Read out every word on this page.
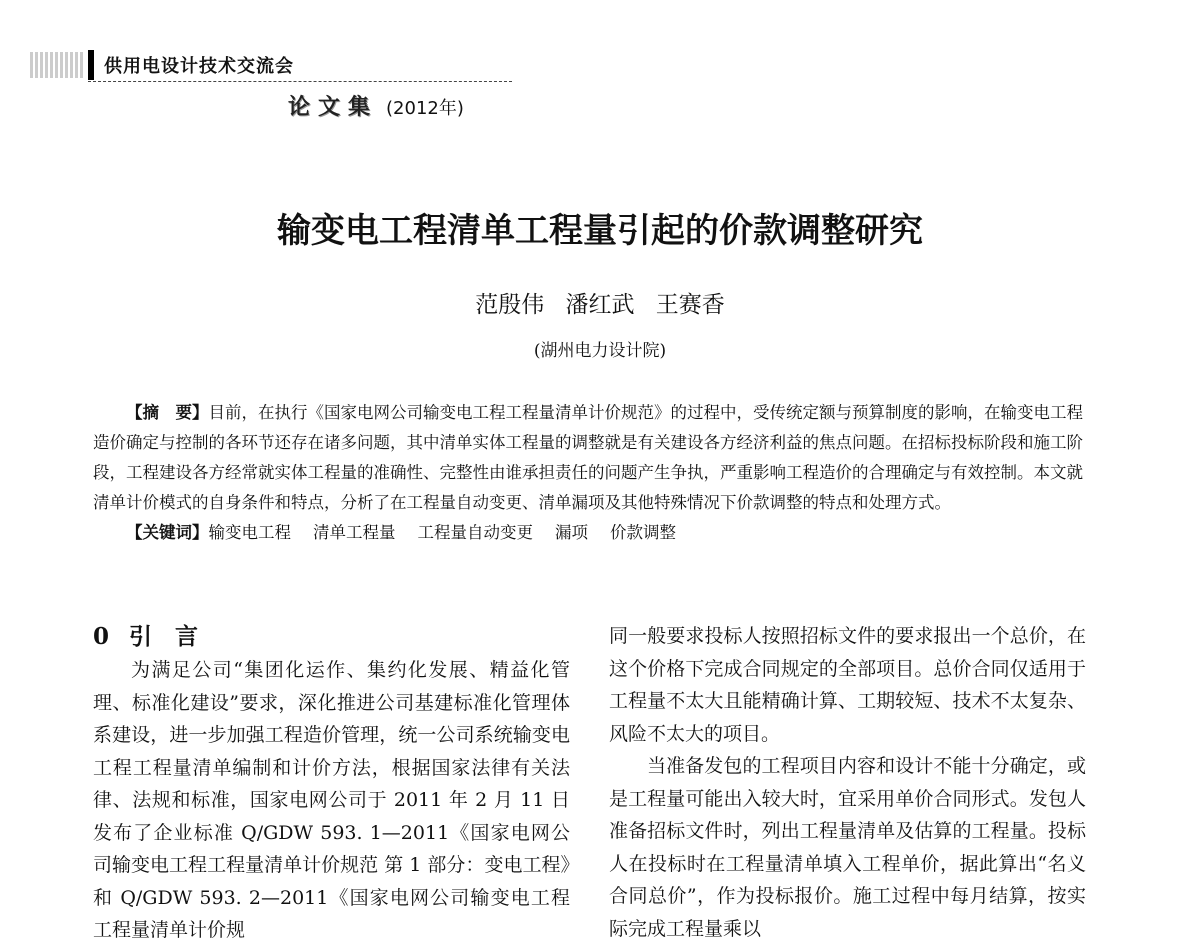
供用电设计技术交流会
论文集 (2012年)
输变电工程清单工程量引起的价款调整研究
范殷伟 潘红武 王赛香
(湖州电力设计院)

【摘　要】目前，在执行《国家电网公司输变电工程工程量清单计价规范》的过程中，受传统定额与预算制度的影响，在输变电工程造价确定与控制的各环节还存在诸多问题，其中清单实体工程量的调整就是有关建设各方经济利益的焦点问题。在招标投标阶段和施工阶段，工程建设各方经常就实体工程量的准确性、完整性由谁承担责任的问题产生争执，严重影响工程造价的合理确定与有效控制。本文就清单计价模式的自身条件和特点，分析了在工程量自动变更、清单漏项及其他特殊情况下价款调整的特点和处理方式。

【关键词】输变电工程 清单工程量 工程量自动变更 漏项 价款调整

0 引　言

为满足公司“集团化运作、集约化发展、精益化管理、标准化建设”要求，深化推进公司基建标准化管理体系建设，进一步加强工程造价管理，统一公司系统输变电工程工程量清单编制和计价方法，根据国家法律有关法律、法规和标准，国家电网公司于 2011 年 2 月 11 日发布了企业标准 Q/GDW 593. 1—2011《国家电网公司输变电工程工程量清单计价规范 第 1 部分：变电工程》和 Q/GDW 593. 2—2011《国家电网公司输变电工程工程量清单计价规

同一般要求投标人按照招标文件的要求报出一个总价，在这个价格下完成合同规定的全部项目。总价合同仅适用于工程量不太大且能精确计算、工期较短、技术不太复杂、风险不太大的项目。

当准备发包的工程项目内容和设计不能十分确定，或是工程量可能出入较大时，宜采用单价合同形式。发包人准备招标文件时，列出工程量清单及估算的工程量。投标人在投标时在工程量清单填入工程单价，据此算出“名义合同总价”，作为投标报价。施工过程中每月结算，按实际完成工程量乘以
